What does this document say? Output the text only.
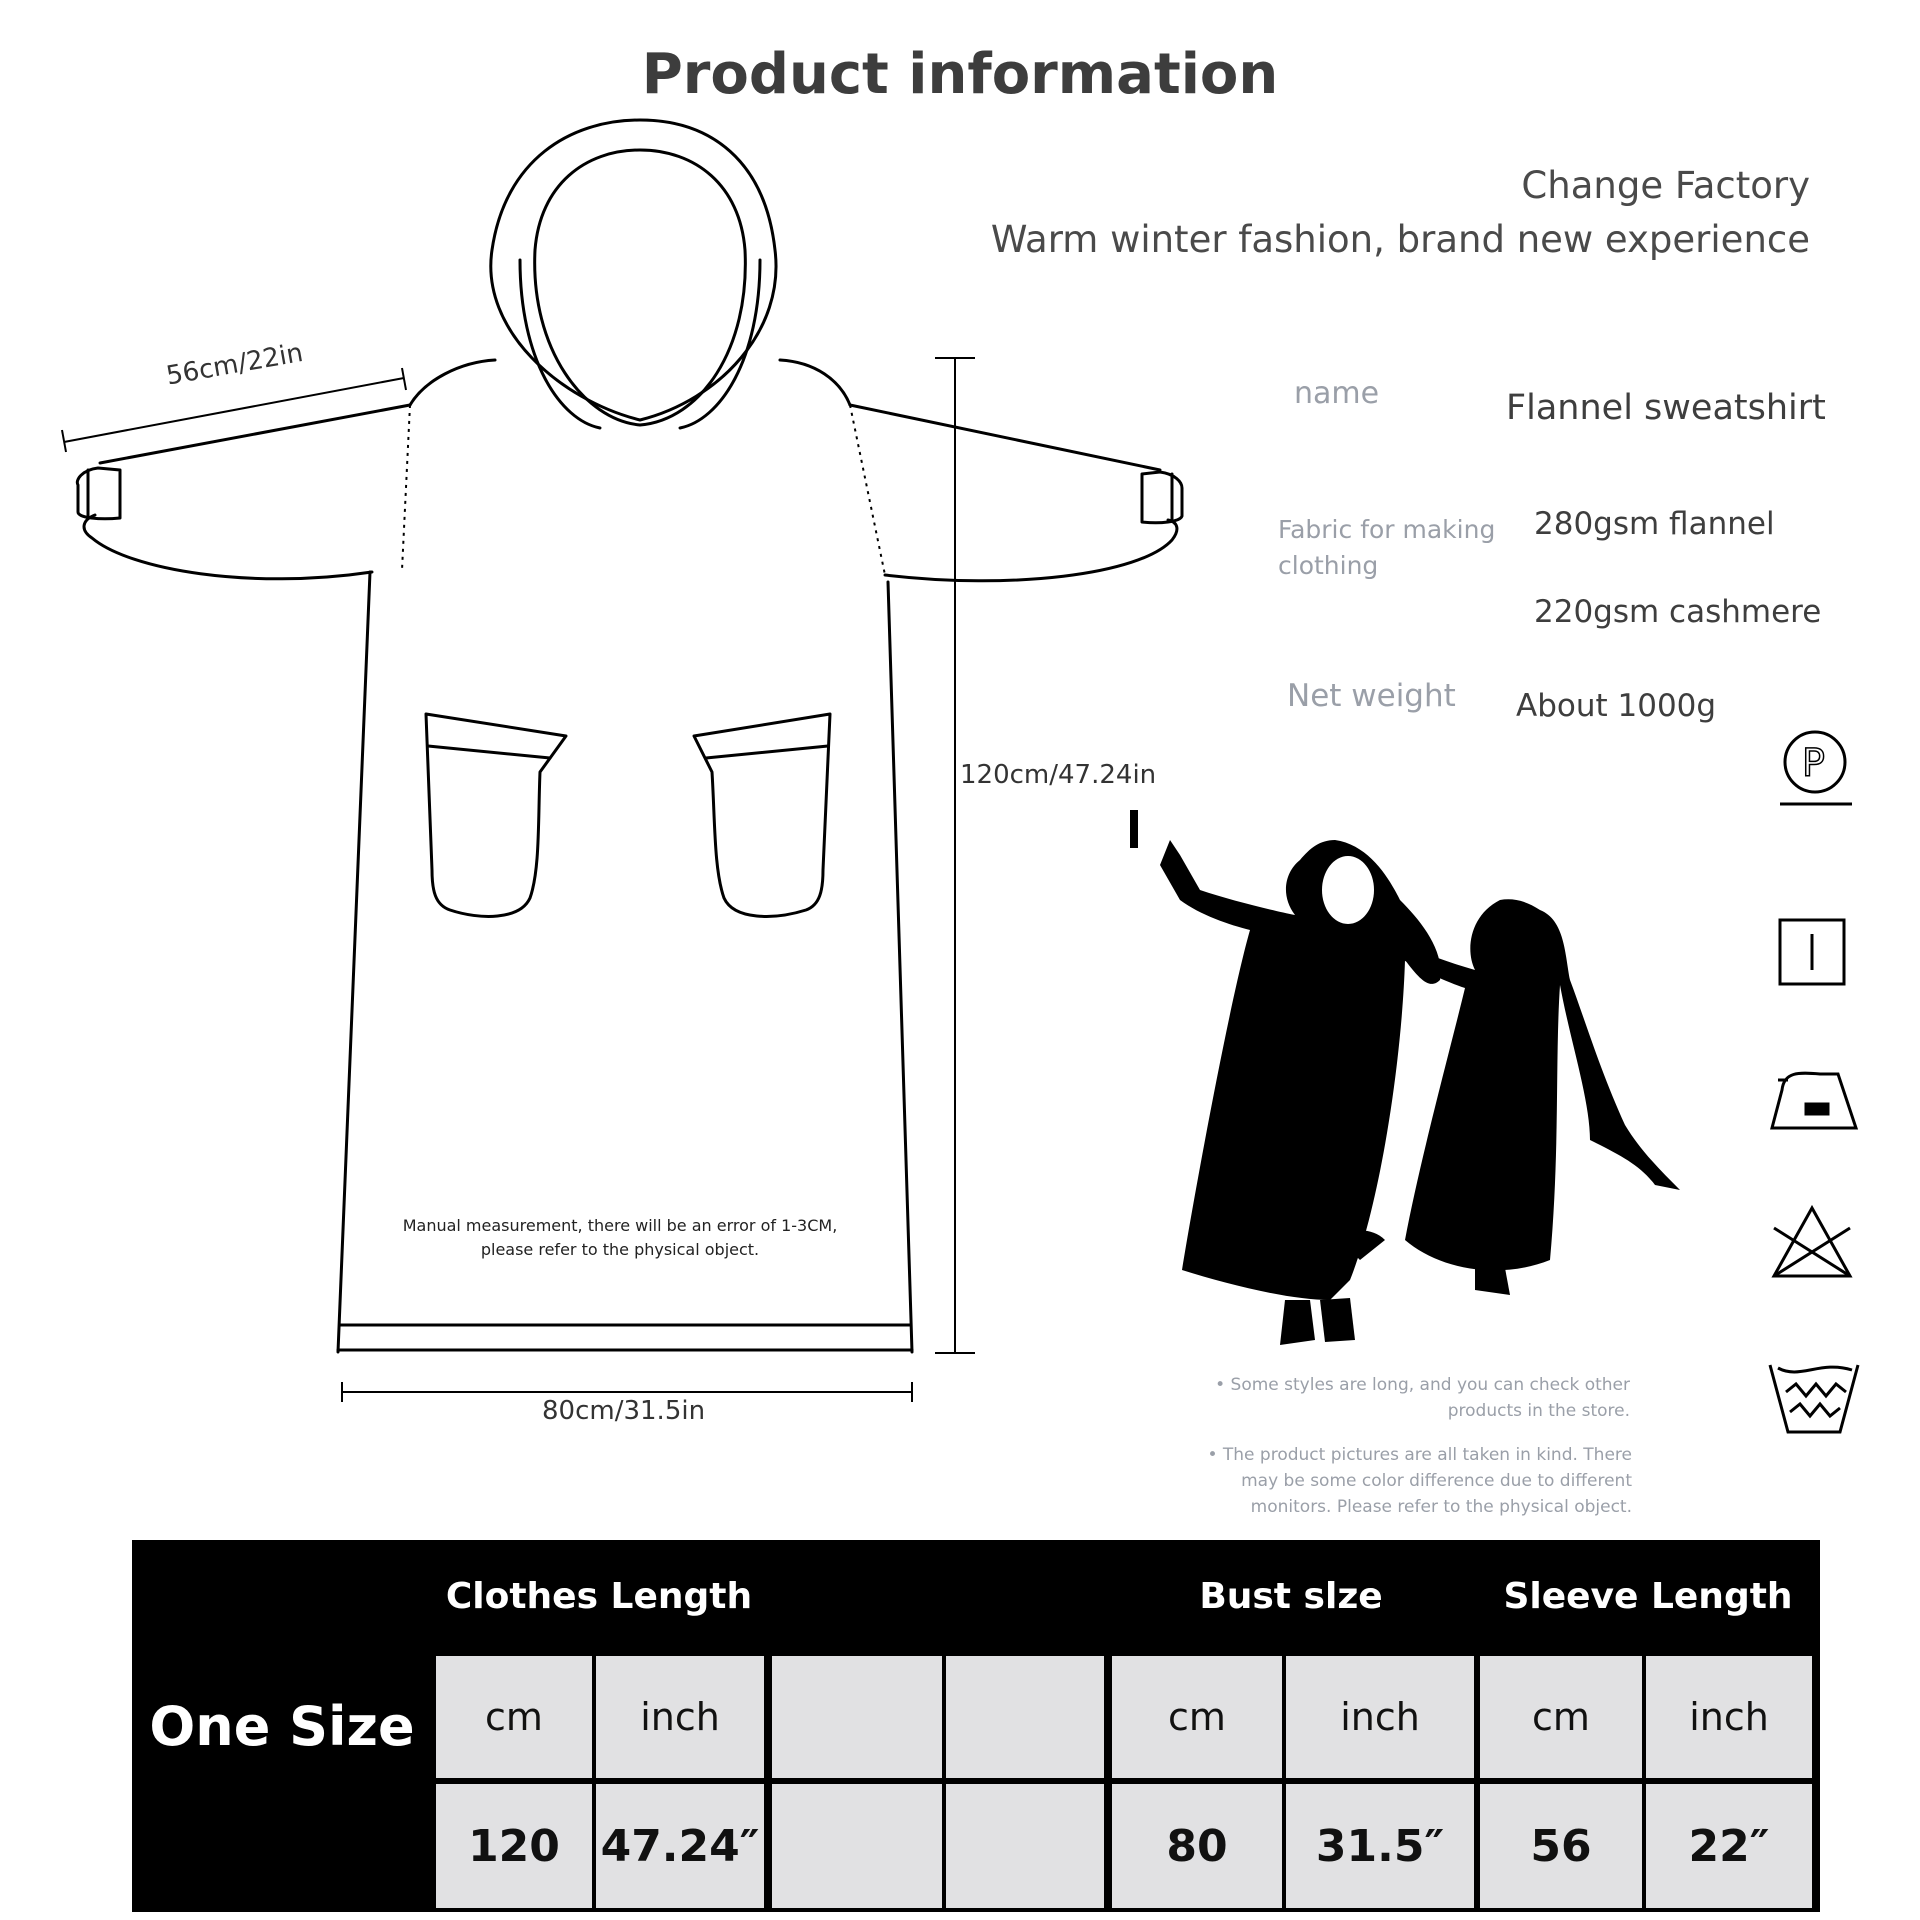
Product information
Change Factory
Warm winter fashion, brand new experience
name	Flannel sweatshirt
Fabric for making clothing
280gsm flannel
220gsm cashmere
Net weight About 1000g
56cm/22in
120cm/47.24in
80cm/31.5in
Manual measurement, there will be an error of 1-3CM,
please refer to the physical object.
• Some styles are long, and you can check other
products in the store.
• The product pictures are all taken in kind. There
may be some color difference due to different
monitors. Please refer to the physical object.
P
One Size
Clothes Length	Bust slze	Sleeve Length
cm	inch	cm	inch	cm	inch
120 47.24″	80	31.5″	56	22″
